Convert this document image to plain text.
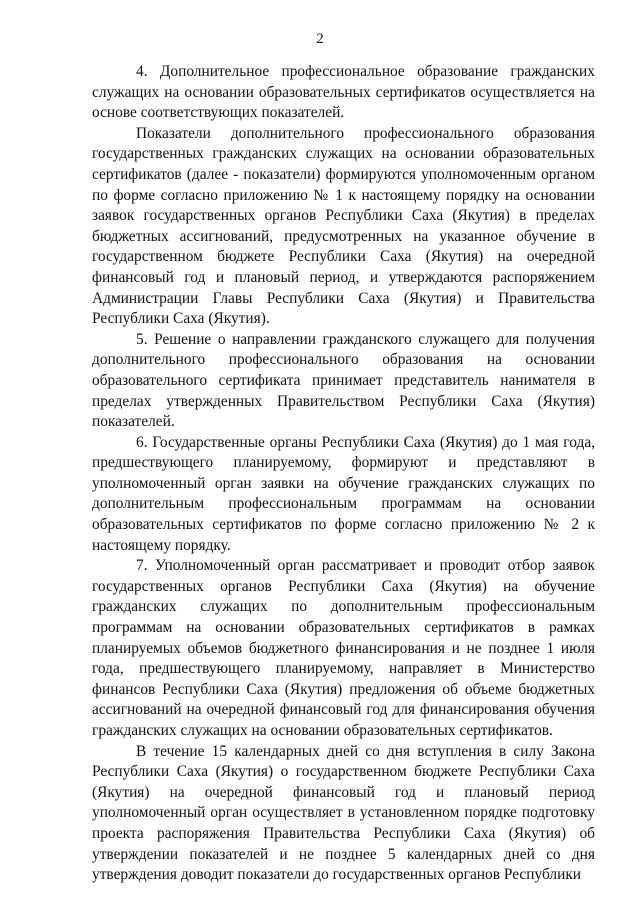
2

4. Дополнительное профессиональное образование гражданских служащих на основании образовательных сертификатов осуществляется на основе соответствующих показателей.

Показатели дополнительного профессионального образования государственных гражданских служащих на основании образовательных сертификатов (далее - показатели) формируются уполномоченным органом по форме согласно приложению № 1 к настоящему порядку на основании заявок государственных органов Республики Саха (Якутия) в пределах бюджетных ассигнований, предусмотренных на указанное обучение в государственном бюджете Республики Саха (Якутия) на очередной финансовый год и плановый период, и утверждаются распоряжением Администрации Главы Республики Саха (Якутия) и Правительства Республики Саха (Якутия).

5. Решение о направлении гражданского служащего для получения дополнительного профессионального образования на основании образовательного сертификата принимает представитель нанимателя в пределах утвержденных Правительством Республики Саха (Якутия) показателей.

6. Государственные органы Республики Саха (Якутия) до 1 мая года, предшествующего планируемому, формируют и представляют в уполномоченный орган заявки на обучение гражданских служащих по дополнительным профессиональным программам на основании образовательных сертификатов по форме согласно приложению № 2 к настоящему порядку.

7. Уполномоченный орган рассматривает и проводит отбор заявок государственных органов Республики Саха (Якутия) на обучение гражданских служащих по дополнительным профессиональным программам на основании образовательных сертификатов в рамках планируемых объемов бюджетного финансирования и не позднее 1 июля года, предшествующего планируемому, направляет в Министерство финансов Республики Саха (Якутия) предложения об объеме бюджетных ассигнований на очередной финансовый год для финансирования обучения гражданских служащих на основании образовательных сертификатов.

В течение 15 календарных дней со дня вступления в силу Закона Республики Саха (Якутия) о государственном бюджете Республики Саха (Якутия) на очередной финансовый год и плановый период уполномоченный орган осуществляет в установленном порядке подготовку проекта распоряжения Правительства Республики Саха (Якутия) об утверждении показателей и не позднее 5 календарных дней со дня утверждения доводит показатели до государственных органов Республики
